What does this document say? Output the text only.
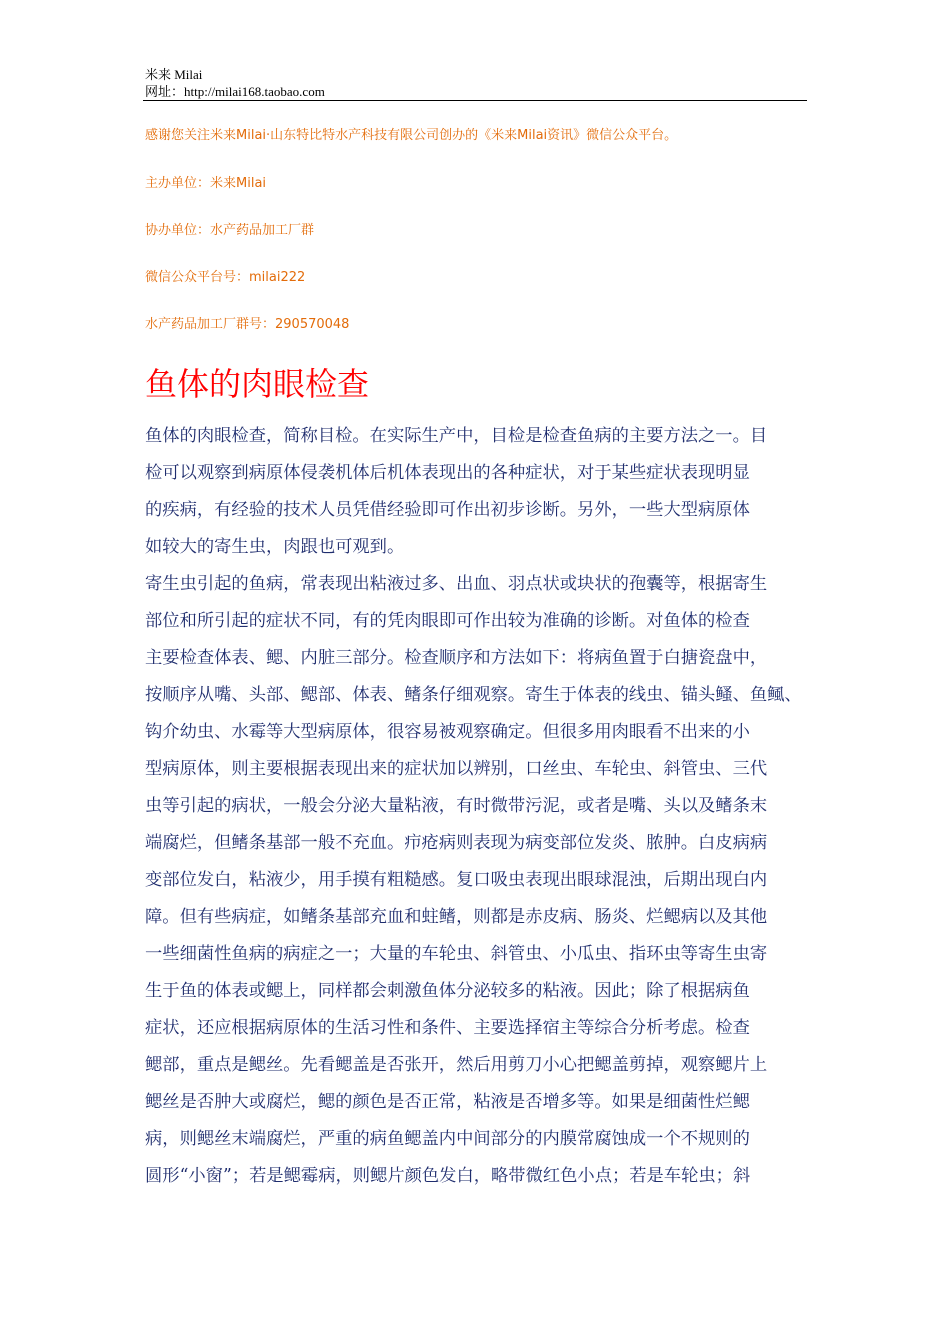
米来 Milai
网址：http://milai168.taobao.com
感谢您关注米来Milai·山东特比特水产科技有限公司创办的《米来Milai资讯》微信公众平台。
主办单位：米来Milai
协办单位：水产药品加工厂群
微信公众平台号：milai222
水产药品加工厂群号：290570048
鱼体的肉眼检查
鱼体的肉眼检查，简称目检。在实际生产中，目检是检查鱼病的主要方法之一。目
检可以观察到病原体侵袭机体后机体表现出的各种症状，对于某些症状表现明显
的疾病，有经验的技术人员凭借经验即可作出初步诊断。另外，一些大型病原体
如较大的寄生虫，肉跟也可观到。
寄生虫引起的鱼病，常表现出粘液过多、出血、羽点状或块状的孢囊等，根据寄生
部位和所引起的症状不同，有的凭肉眼即可作出较为准确的诊断。对鱼体的检查
主要检查体表、鳃、内脏三部分。检查顺序和方法如下：将病鱼置于白搪瓷盘中，
按顺序从嘴、头部、鳃部、体表、鳍条仔细观察。寄生于体表的线虫、锚头鳋、鱼鲺、
钩介幼虫、水霉等大型病原体，很容易被观察确定。但很多用肉眼看不出来的小
型病原体，则主要根据表现出来的症状加以辨别，口丝虫、车轮虫、斜管虫、三代
虫等引起的病状，一般会分泌大量粘液，有时微带污泥，或者是嘴、头以及鳍条末
端腐烂，但鳍条基部一般不充血。疖疮病则表现为病变部位发炎、脓肿。白皮病病
变部位发白，粘液少，用手摸有粗糙感。复口吸虫表现出眼球混浊，后期出现白内
障。但有些病症，如鳍条基部充血和蛀鳍，则都是赤皮病、肠炎、烂鳃病以及其他
一些细菌性鱼病的病症之一；大量的车轮虫、斜管虫、小瓜虫、指环虫等寄生虫寄
生于鱼的体表或鳃上，同样都会刺激鱼体分泌较多的粘液。因此；除了根据病鱼
症状，还应根据病原体的生活习性和条件、主要选择宿主等综合分析考虑。检查
鳃部，重点是鳃丝。先看鳃盖是否张开，然后用剪刀小心把鳃盖剪掉，观察鳃片上
鳃丝是否肿大或腐烂，鳃的颜色是否正常，粘液是否增多等。如果是细菌性烂鳃
病，则鳃丝末端腐烂，严重的病鱼鳃盖内中间部分的内膜常腐蚀成一个不规则的
圆形“小窗”；若是鳃霉病，则鳃片颜色发白，略带微红色小点；若是车轮虫；斜
